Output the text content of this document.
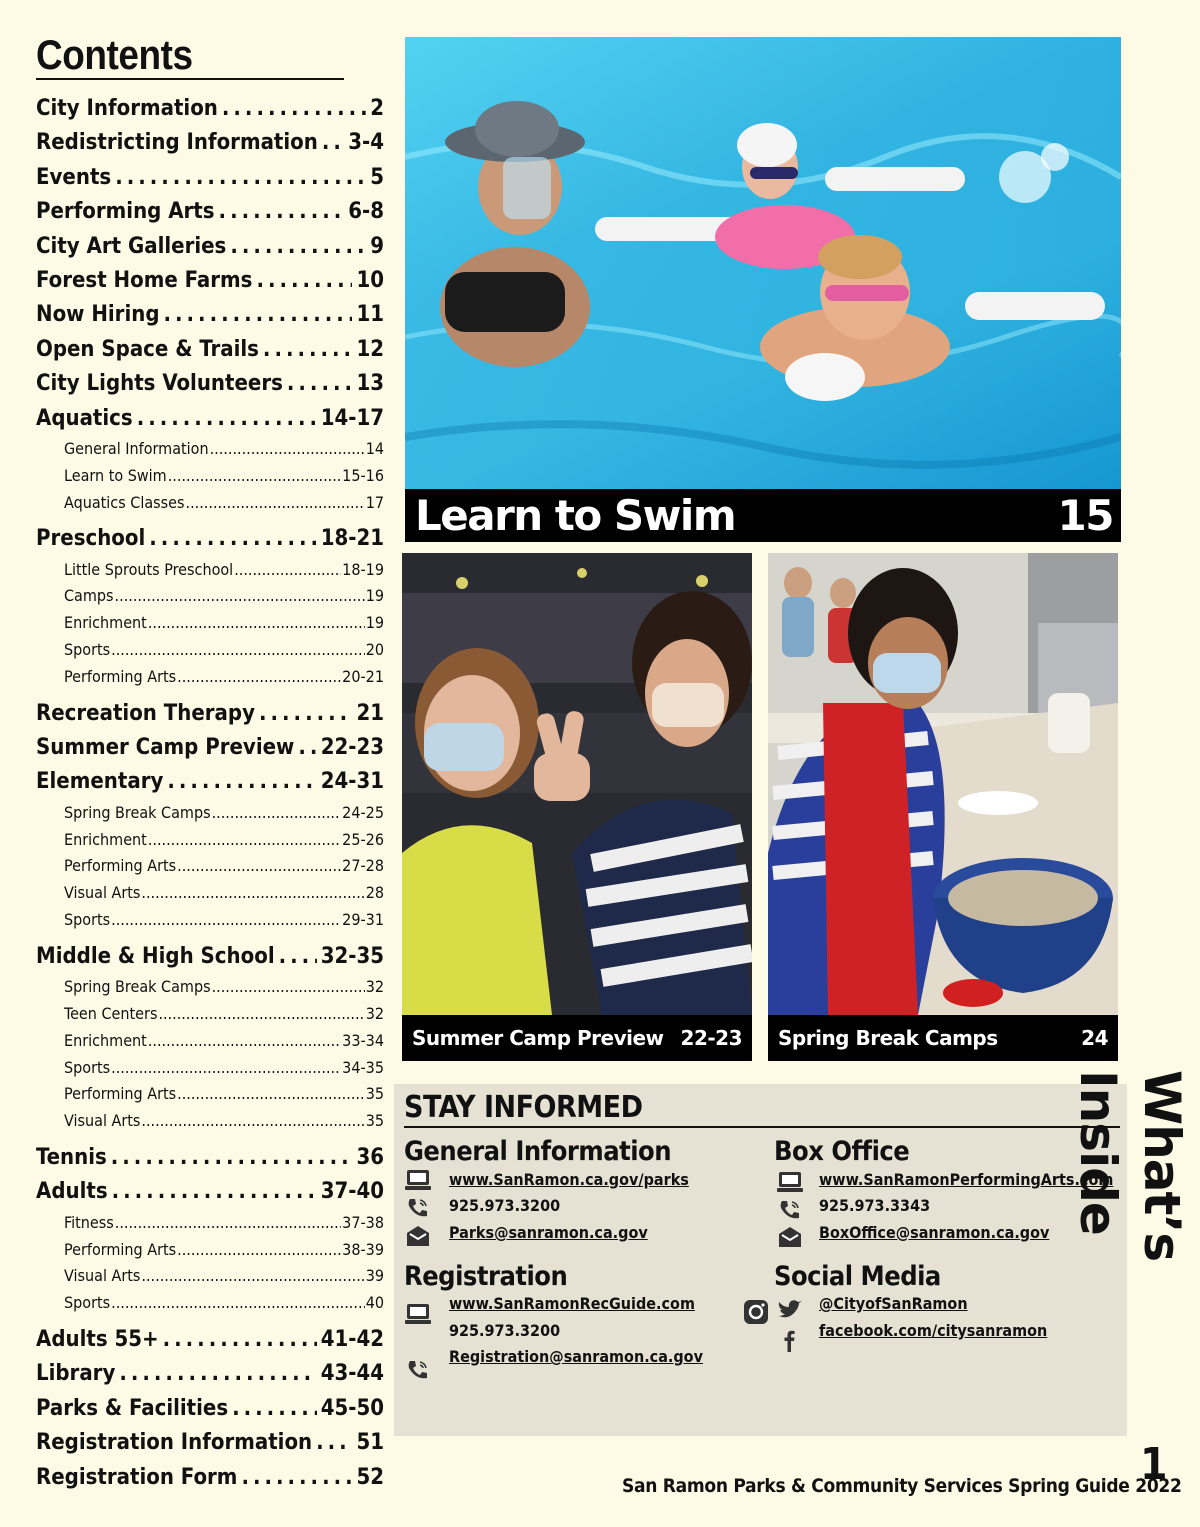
Contents
City Information .....	2
Redistricting Information ..... 3-4
Events .....	5
Performing Arts .....	6-8
City Art Galleries .....	9
Forest Home Farms .....	10
Now Hiring .....	11
Open Space & Trails .....	12
City Lights Volunteers .....	13
Aquatics .....	14-17
General Information .....	14
Learn to Swim .....	15-16
Aquatics Classes .....	17
Preschool .....	18-21
Little Sprouts Preschool .....	18-19
Camps .....	19
Enrichment .....	19
Sports .....	20
Performing Arts .....	20-21
Recreation Therapy .....	21
Summer Camp Preview ..... 22-23
Elementary .....	24-31
Spring Break Camps .....	24-25
Enrichment .....	25-26
Performing Arts .....	27-28
Visual Arts .....	28
Sports .....	29-31
Middle & High School ..... 32-35
Spring Break Camps .....	32
Teen Centers .....	32
Enrichment .....	33-34
Sports .....	34-35
Performing Arts .....	35
Visual Arts .....	35
Tennis .....	36
Adults .....	37-40
Fitness .....	37-38
Performing Arts .....	38-39
Visual Arts .....	39
Sports .....	40
Adults 55+ .....	41-42
Library .....	43-44
Parks & Facilities .....	45-50
Registration Information ..... 51
Registration Form .....	52
Learn to Swim	15
Summer Camp Preview 22-23 Spring Break Camps	24
STAY INFORMED
General Information
www.SanRamon.ca.gov/parks
925.973.3200
Parks@sanramon.ca.gov
Registration
www.SanRamonRecGuide.com
925.973.3200
Registration@sanramon.ca.gov
Box Office
www.SanRamonPerformingArts.com
925.973.3343
BoxOffice@sanramon.ca.gov
Social Media
@CityofSanRamon
facebook.com/citysanramon
What’s Inside
1
San Ramon Parks & Community Services Spring Guide 2022
